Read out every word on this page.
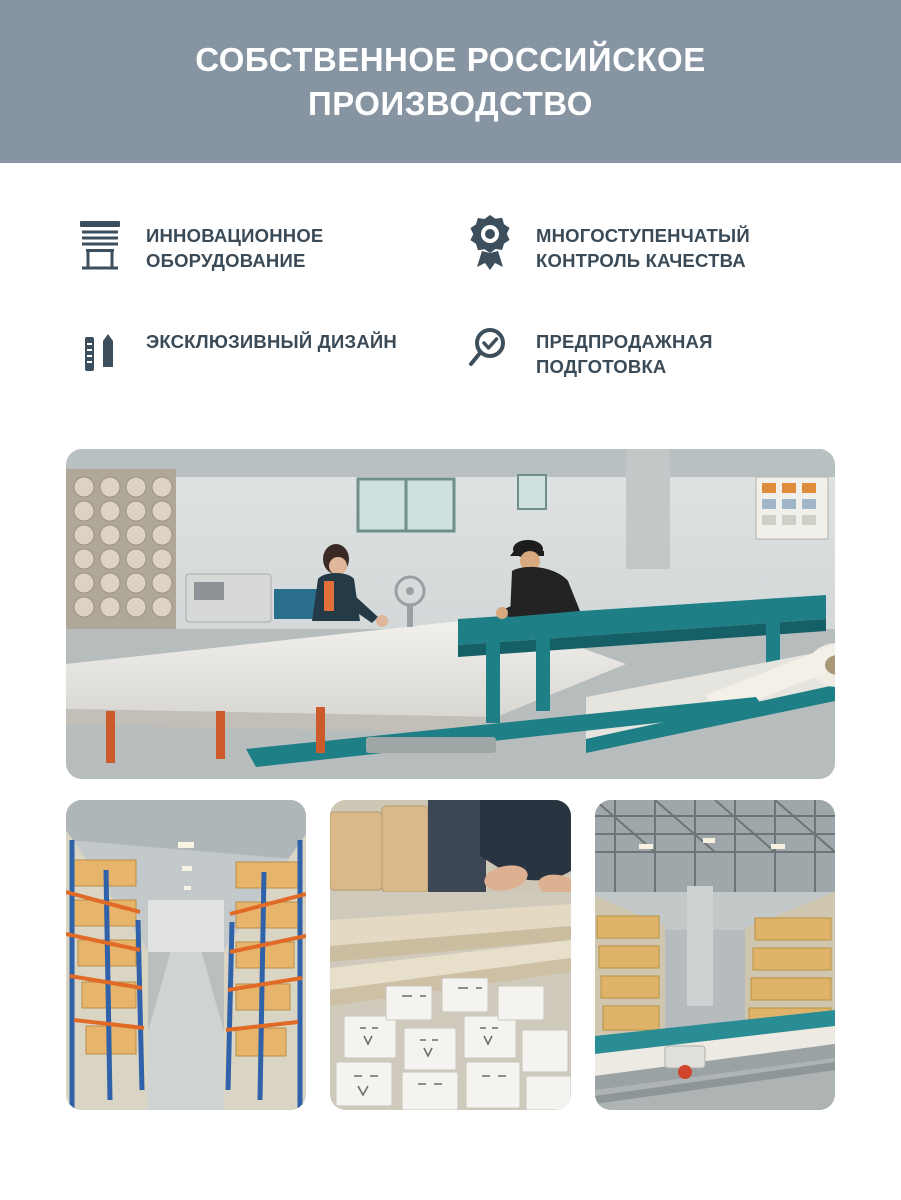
СОБСТВЕННОЕ РОССИЙСКОЕ ПРОИЗВОДСТВО
ИННОВАЦИОННОЕ ОБОРУДОВАНИЕ
МНОГОСТУПЕНЧАТЫЙ КОНТРОЛЬ КАЧЕСТВА
ЭКСКЛЮЗИВНЫЙ ДИЗАЙН	ПРЕДПРОДАЖНАЯ ПОДГОТОВКА
